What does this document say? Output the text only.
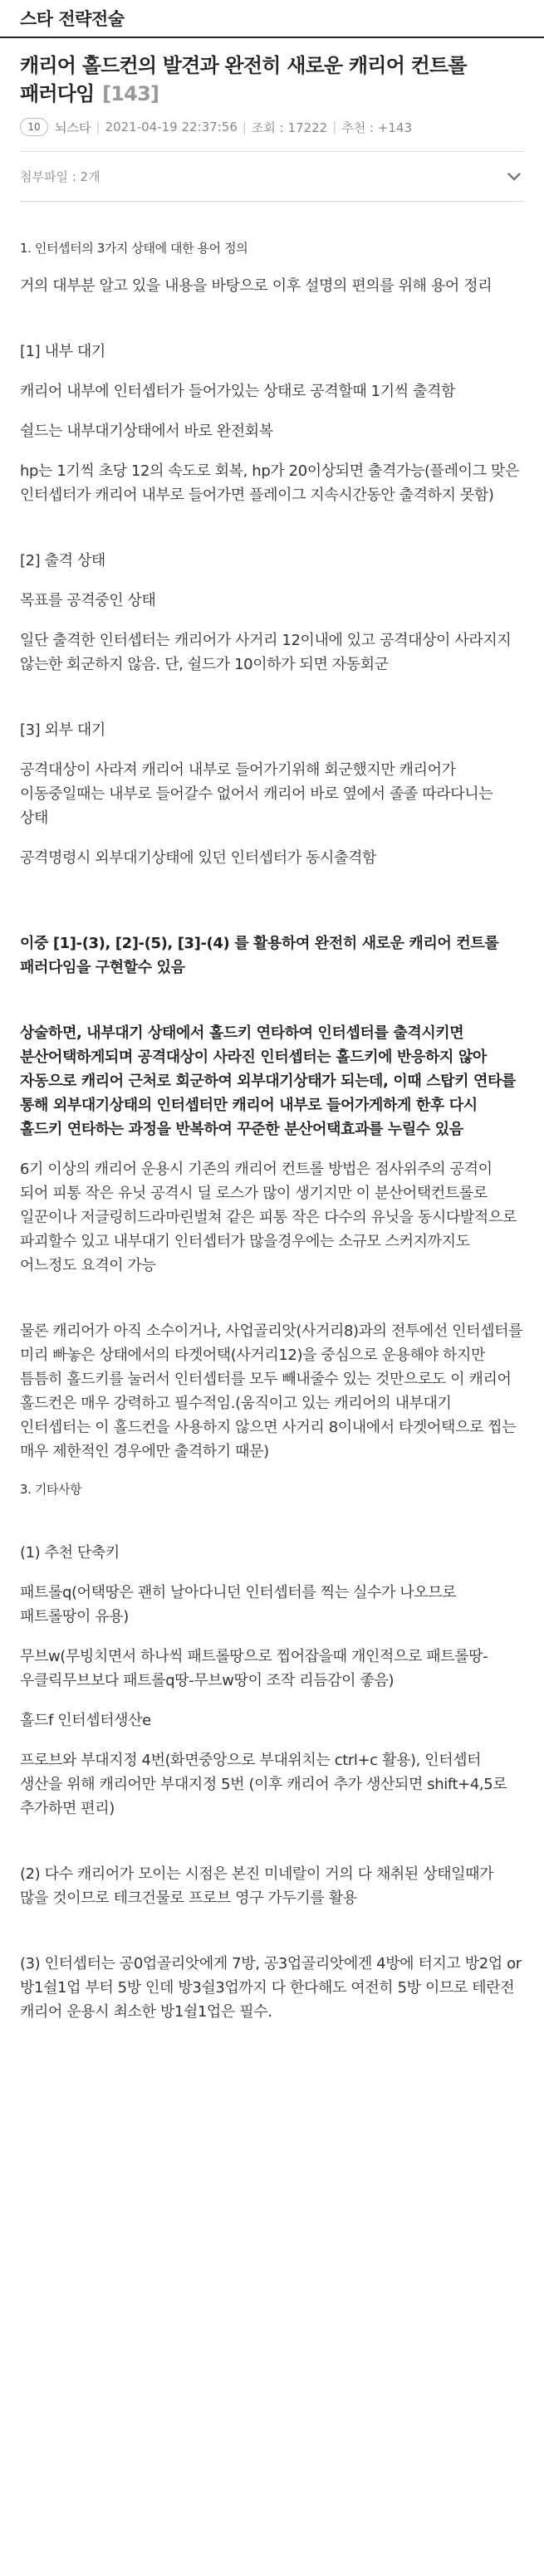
스타 전략전술
캐리어 홀드컨의 발견과 완전히 새로운 캐리어 컨트롤 패러다임 [143]
10	뇌스타 | 2021-04-19 22:37:56 | 조회 : 17222 | 추천 : +143
첨부파일 : 2개

1. 인터셉터의 3가지 상태에 대한 용어 정의

거의 대부분 알고 있을 내용을 바탕으로 이후 설명의 편의를 위해 용어 정리

[1] 내부 대기

캐리어 내부에 인터셉터가 들어가있는 상태로 공격할때 1기씩 출격함

쉴드는 내부대기상태에서 바로 완전회복

hp는 1기씩 초당 12의 속도로 회복, hp가 20이상되면 출격가능(플레이그 맞은 인터셉터가 캐리어 내부로 들어가면 플레이그 지속시간동안 출격하지 못함)

[2] 출격 상태

목표를 공격중인 상태

일단 출격한 인터셉터는 캐리어가 사거리 12이내에 있고 공격대상이 사라지지 않는한 회군하지 않음. 단, 쉴드가 10이하가 되면 자동회군

[3] 외부 대기

공격대상이 사라져 캐리어 내부로 들어가기위해 회군했지만 캐리어가 이동중일때는 내부로 들어갈수 없어서 캐리어 바로 옆에서 졸졸 따라다니는 상태

공격명령시 외부대기상태에 있던 인터셉터가 동시출격함

이중 [1]-(3), [2]-(5), [3]-(4) 를 활용하여 완전히 새로운 캐리어 컨트롤 패러다임을 구현할수 있음

상술하면, 내부대기 상태에서 홀드키 연타하여 인터셉터를 출격시키면 분산어택하게되며 공격대상이 사라진 인터셉터는 홀드키에 반응하지 않아 자동으로 캐리어 근처로 회군하여 외부대기상태가 되는데, 이때 스탑키 연타를 통해 외부대기상태의 인터셉터만 캐리어 내부로 들어가게하게 한후 다시 홀드키 연타하는 과정을 반복하여 꾸준한 분산어택효과를 누릴수 있음

6기 이상의 캐리어 운용시 기존의 캐리어 컨트롤 방법은 점사위주의 공격이 되어 피통 작은 유닛 공격시 딜 로스가 많이 생기지만 이 분산어택컨트롤로 일꾼이나 저글링히드라마린벌쳐 같은 피통 작은 다수의 유닛을 동시다발적으로 파괴할수 있고 내부대기 인터셉터가 많을경우에는 소규모 스커지까지도 어느정도 요격이 가능

물론 캐리어가 아직 소수이거나, 사업골리앗(사거리8)과의 전투에선 인터셉터를 미리 빠놓은 상태에서의 타겟어택(사거리12)을 중심으로 운용해야 하지만 틈틈히 홀드키를 눌러서 인터셉터를 모두 빼내줄수 있는 것만으로도 이 캐리어 홀드컨은 매우 강력하고 필수적임.(움직이고 있는 캐리어의 내부대기 인터셉터는 이 홀드컨을 사용하지 않으면 사거리 8이내에서 타겟어택으로 찝는 매우 제한적인 경우에만 출격하기 때문)

3. 기타사항

(1) 추천 단축키

패트롤q(어택땅은 괜히 날아다니던 인터셉터를 찍는 실수가 나오므로 패트롤땅이 유용)

무브w(무빙치면서 하나씩 패트롤땅으로 찝어잡을때 개인적으로 패트롤땅-우클릭무브보다 패트롤q땅-무브w땅이 조작 리듬감이 좋음)

홀드f 인터셉터생산e

프로브와 부대지정 4번(화면중앙으로 부대위치는 ctrl+c 활용), 인터셉터 생산을 위해 캐리어만 부대지정 5번 (이후 캐리어 추가 생산되면 shift+4,5로 추가하면 편리)

(2) 다수 캐리어가 모이는 시점은 본진 미네랄이 거의 다 채취된 상태일때가 많을 것이므로 테크건물로 프로브 영구 가두기를 활용

(3) 인터셉터는 공0업골리앗에게 7방, 공3업골리앗에겐 4방에 터지고 방2업 or 방1쉴1업 부터 5방 인데 방3쉴3업까지 다 한다해도 여전히 5방 이므로 테란전 캐리어 운용시 최소한 방1쉴1업은 필수.
